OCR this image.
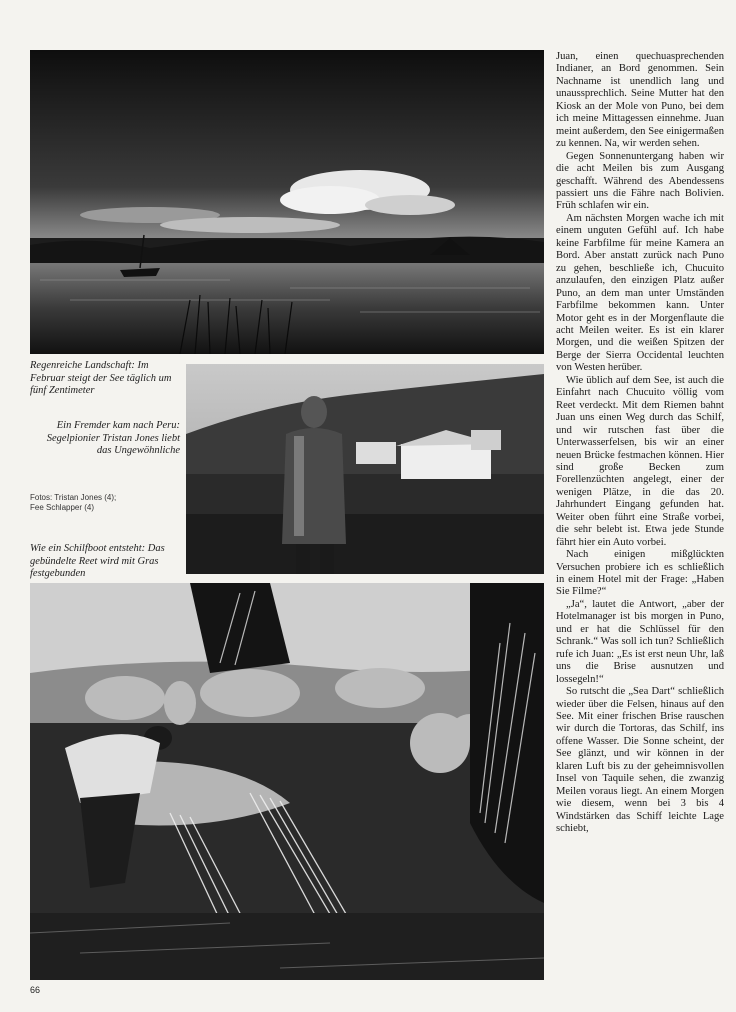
Regenreiche Landschaft: Im Februar steigt der See täglich um fünf Zentimeter
Ein Fremder kam nach Peru: Segelpionier Tristan Jones liebt das Ungewöhnliche
Fotos: Tristan Jones (4);
Fee Schlapper (4)
Wie ein Schilfboot entsteht: Das gebündelte Reet wird mit Gras festgebunden

Juan, einen quechuasprechenden Indianer, an Bord genommen. Sein Nachname ist unendlich lang und unaussprechlich. Seine Mutter hat den Kiosk an der Mole von Puno, bei dem ich meine Mittagessen einnehme. Juan meint außerdem, den See einigermaßen zu kennen. Na, wir werden sehen.

Gegen Sonnenuntergang haben wir die acht Meilen bis zum Ausgang geschafft. Während des Abendessens passiert uns die Fähre nach Bolivien. Früh schlafen wir ein.

Am nächsten Morgen wache ich mit einem unguten Gefühl auf. Ich habe keine Farbfilme für meine Kamera an Bord. Aber anstatt zurück nach Puno zu gehen, beschließe ich, Chucuito anzulaufen, den einzigen Platz außer Puno, an dem man unter Umständen Farbfilme bekommen kann. Unter Motor geht es in der Morgenflaute die acht Meilen weiter. Es ist ein klarer Morgen, und die weißen Spitzen der Berge der Sierra Occidental leuchten von Westen herüber.

Wie üblich auf dem See, ist auch die Einfahrt nach Chucuito völlig vom Reet verdeckt. Mit dem Riemen bahnt Juan uns einen Weg durch das Schilf, und wir rutschen fast über die Unterwasserfelsen, bis wir an einer neuen Brücke festmachen können. Hier sind große Becken zum Forellenzüchten angelegt, einer der wenigen Plätze, in die das 20. Jahrhundert Eingang gefunden hat. Weiter oben führt eine Straße vorbei, die sehr belebt ist. Etwa jede Stunde fährt hier ein Auto vorbei.

Nach einigen mißglückten Versuchen probiere ich es schließlich in einem Hotel mit der Frage: „Haben Sie Filme?“

„Ja“, lautet die Antwort, „aber der Hotelmanager ist bis morgen in Puno, und er hat die Schlüssel für den Schrank.“ Was soll ich tun? Schließlich rufe ich Juan: „Es ist erst neun Uhr, laß uns die Brise ausnutzen und lossegeln!“

So rutscht die „Sea Dart“ schließlich wieder über die Felsen, hinaus auf den See. Mit einer frischen Brise rauschen wir durch die Tortoras, das Schilf, ins offene Wasser. Die Sonne scheint, der See glänzt, und wir können in der klaren Luft bis zu der geheimnisvollen Insel von Taquile sehen, die zwanzig Meilen voraus liegt. An einem Morgen wie diesem, wenn bei 3 bis 4 Windstärken das Schiff leichte Lage schiebt,

66
